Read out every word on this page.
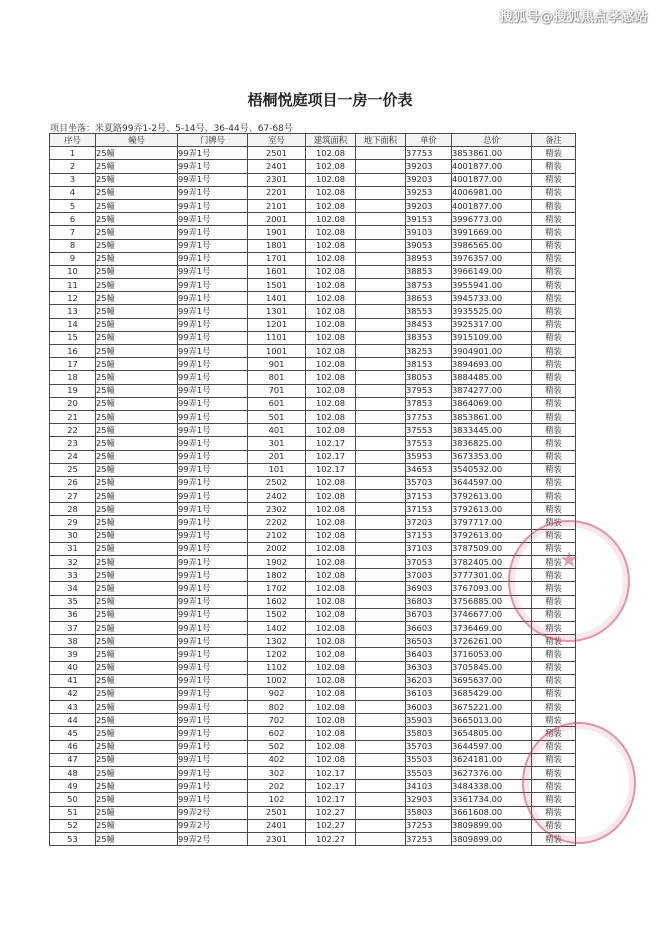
搜狐号@搜狐焦点孝感站
梧桐悦庭项目一房一价表
项目坐落：米夏路99弄1-2号、5-14号、36-44号、67-68号
序号	幢号	门牌号	室号	建筑面积	地下面积	单价	总价	备注
1	25幢	99弄1号	2501	102.08		37753	3853861.00	精装
2	25幢	99弄1号	2401	102.08		39203	4001877.00	精装
3	25幢	99弄1号	2301	102.08		39203	4001877.00	精装
4	25幢	99弄1号	2201	102.08		39253	4006981.00	精装
5	25幢	99弄1号	2101	102.08		39203	4001877.00	精装
6	25幢	99弄1号	2001	102.08		39153	3996773.00	精装
7	25幢	99弄1号	1901	102.08		39103	3991669.00	精装
8	25幢	99弄1号	1801	102.08		39053	3986565.00	精装
9	25幢	99弄1号	1701	102.08		38953	3976357.00	精装
10	25幢	99弄1号	1601	102.08		38853	3966149.00	精装
11	25幢	99弄1号	1501	102.08		38753	3955941.00	精装
12	25幢	99弄1号	1401	102.08		38653	3945733.00	精装
13	25幢	99弄1号	1301	102.08		38553	3935525.00	精装
14	25幢	99弄1号	1201	102.08		38453	3925317.00	精装
15	25幢	99弄1号	1101	102.08		38353	3915109.00	精装
16	25幢	99弄1号	1001	102.08		38253	3904901.00	精装
17	25幢	99弄1号	901	102.08		38153	3894693.00	精装
18	25幢	99弄1号	801	102.08		38053	3884485.00	精装
19	25幢	99弄1号	701	102.08		37953	3874277.00	精装
20	25幢	99弄1号	601	102.08		37853	3864069.00	精装
21	25幢	99弄1号	501	102.08		37753	3853861.00	精装
22	25幢	99弄1号	401	102.08		37553	3833445.00	精装
23	25幢	99弄1号	301	102.17		37553	3836825.00	精装
24	25幢	99弄1号	201	102.17		35953	3673353.00	精装
25	25幢	99弄1号	101	102.17		34653	3540532.00	精装
26	25幢	99弄1号	2502	102.08		35703	3644597.00	精装
27	25幢	99弄1号	2402	102.08		37153	3792613.00	精装
28	25幢	99弄1号	2302	102.08		37153	3792613.00	精装
29	25幢	99弄1号	2202	102.08		37203	3797717.00	精装
30	25幢	99弄1号	2102	102.08		37153	3792613.00	精装
31	25幢	99弄1号	2002	102.08		37103	3787509.00	精装
32	25幢	99弄1号	1902	102.08		37053	3782405.00	精装
33	25幢	99弄1号	1802	102.08		37003	3777301.00	精装
34	25幢	99弄1号	1702	102.08		36903	3767093.00	精装
35	25幢	99弄1号	1602	102.08		36803	3756885.00	精装
36	25幢	99弄1号	1502	102.08		36703	3746677.00	精装
37	25幢	99弄1号	1402	102.08		36603	3736469.00	精装
38	25幢	99弄1号	1302	102.08		36503	3726261.00	精装
39	25幢	99弄1号	1202	102.08		36403	3716053.00	精装
40	25幢	99弄1号	1102	102.08		36303	3705845.00	精装
41	25幢	99弄1号	1002	102.08		36203	3695637.00	精装
42	25幢	99弄1号	902	102.08		36103	3685429.00	精装
43	25幢	99弄1号	802	102.08		36003	3675221.00	精装
44	25幢	99弄1号	702	102.08		35903	3665013.00	精装
45	25幢	99弄1号	602	102.08		35803	3654805.00	精装
46	25幢	99弄1号	502	102.08		35703	3644597.00	精装
47	25幢	99弄1号	402	102.08		35503	3624181.00	精装
48	25幢	99弄1号	302	102.17		35503	3627376.00	精装
49	25幢	99弄1号	202	102.17		34103	3484338.00	精装
50	25幢	99弄1号	102	102.17		32903	3361734.00	精装
51	25幢	99弄2号	2501	102.27		35803	3661608.00	精装
52	25幢	99弄2号	2401	102.27		37253	3809899.00	精装
53	25幢	99弄2号	2301	102.27		37253	3809899.00	精装
★
